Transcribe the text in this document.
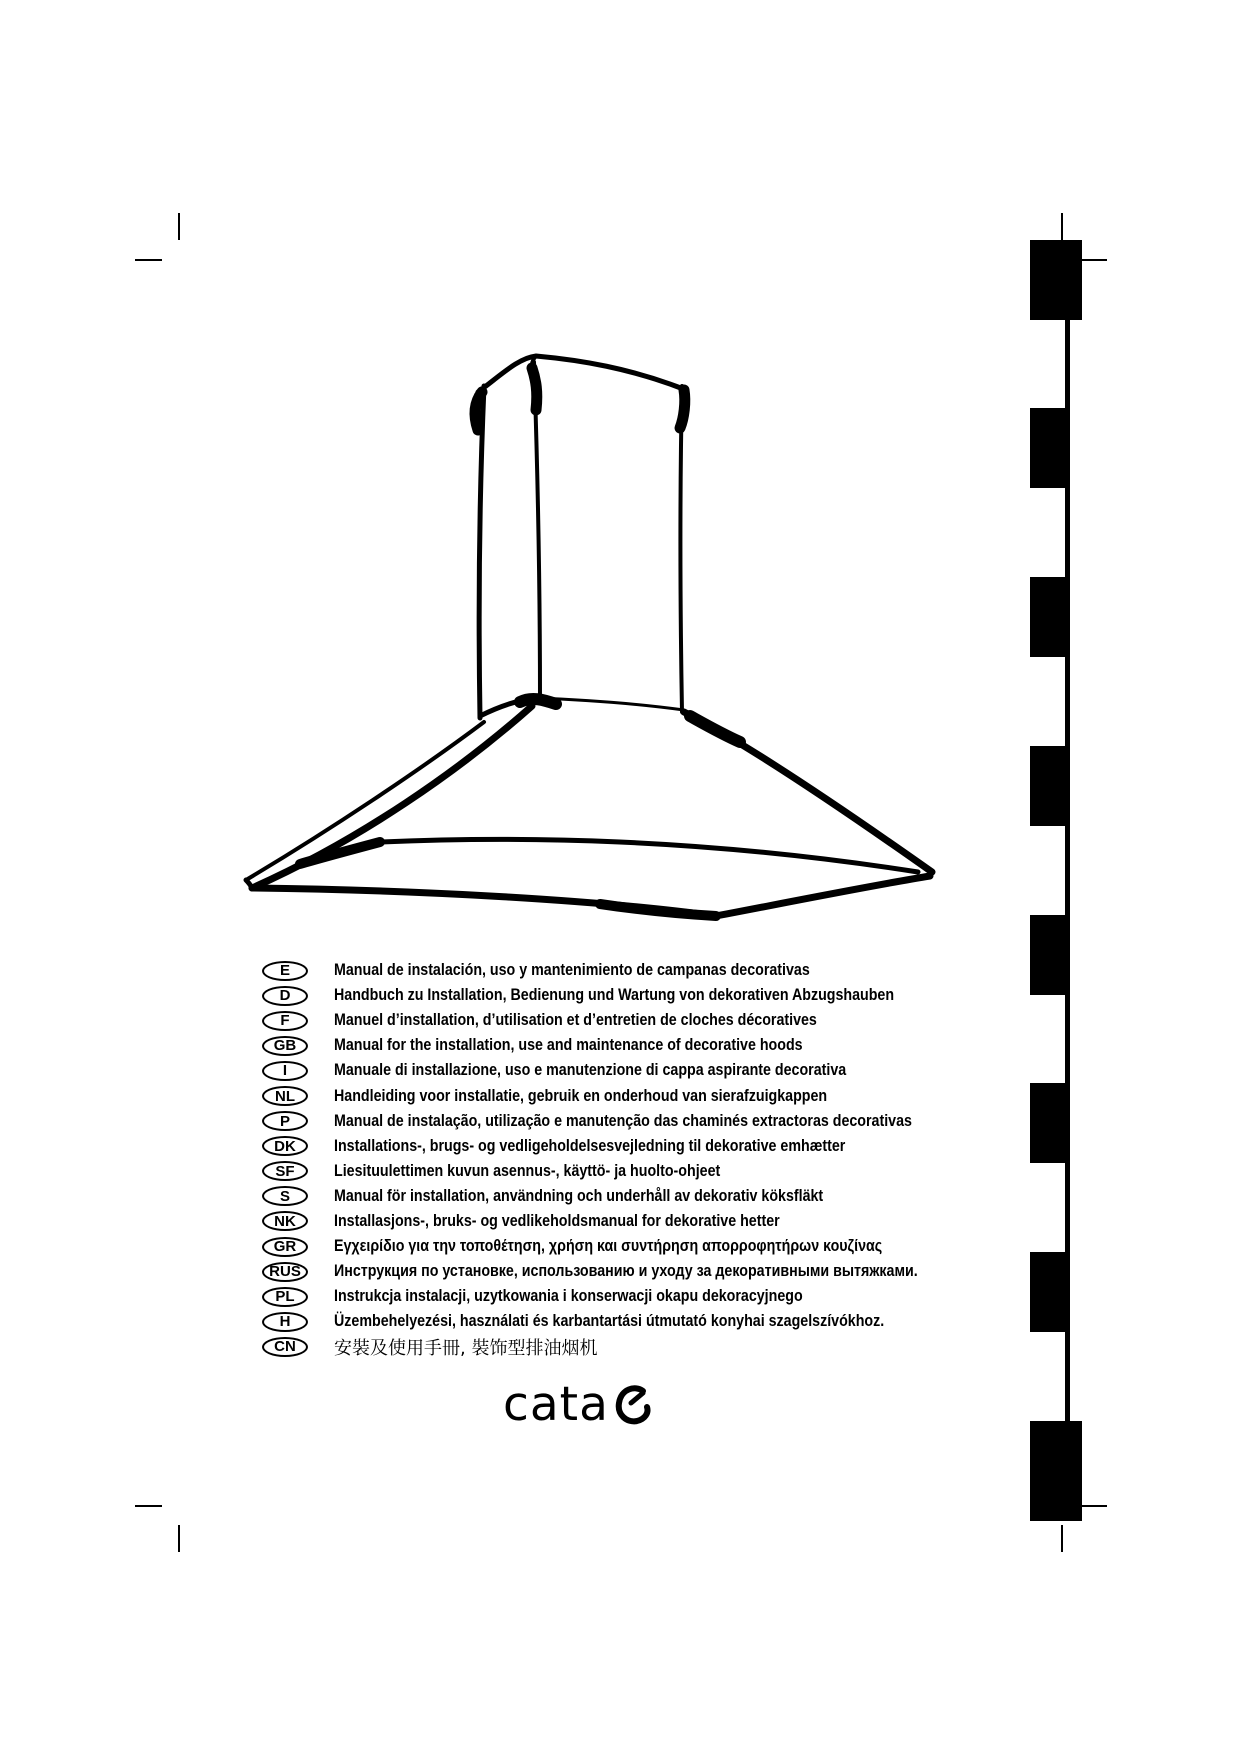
E	Manual de instalación, uso y mantenimiento de campanas decorativas
D	Handbuch zu Installation, Bedienung und Wartung von dekorativen Abzugshauben
F	Manuel d’installation, d’utilisation et d’entretien de cloches décoratives
GB	Manual for the installation, use and maintenance of decorative hoods
I	Manuale di installazione, uso e manutenzione di cappa aspirante decorativa
NL	Handleiding voor installatie, gebruik en onderhoud van sierafzuigkappen
P	Manual de instalação, utilização e manutenção das chaminés extractoras decorativas
DK	Installations-, brugs- og vedligeholdelsesvejledning til dekorative emhætter
SF	Liesituulettimen kuvun asennus-, käyttö- ja huolto-ohjeet
S	Manual för installation, användning och underhåll av dekorativ köksfläkt
NK	Installasjons-, bruks- og vedlikeholdsmanual for dekorative hetter
GR	Εγχειρίδιο για την τοποθέτηση, χρήση και συντήρηση απορροφητήρων κουζίνας
RUS	Инструкция по установке, использованию и уходу за декоративными вытяжками.
PL	Instrukcja instalacji, uzytkowania i konserwacji okapu dekoracyjnego
H	Üzembehelyezési, használati és karbantartási útmutató konyhai szagelszívókhoz.
CN	安裝及使用手冊, 裝饰型排油烟机
cata
